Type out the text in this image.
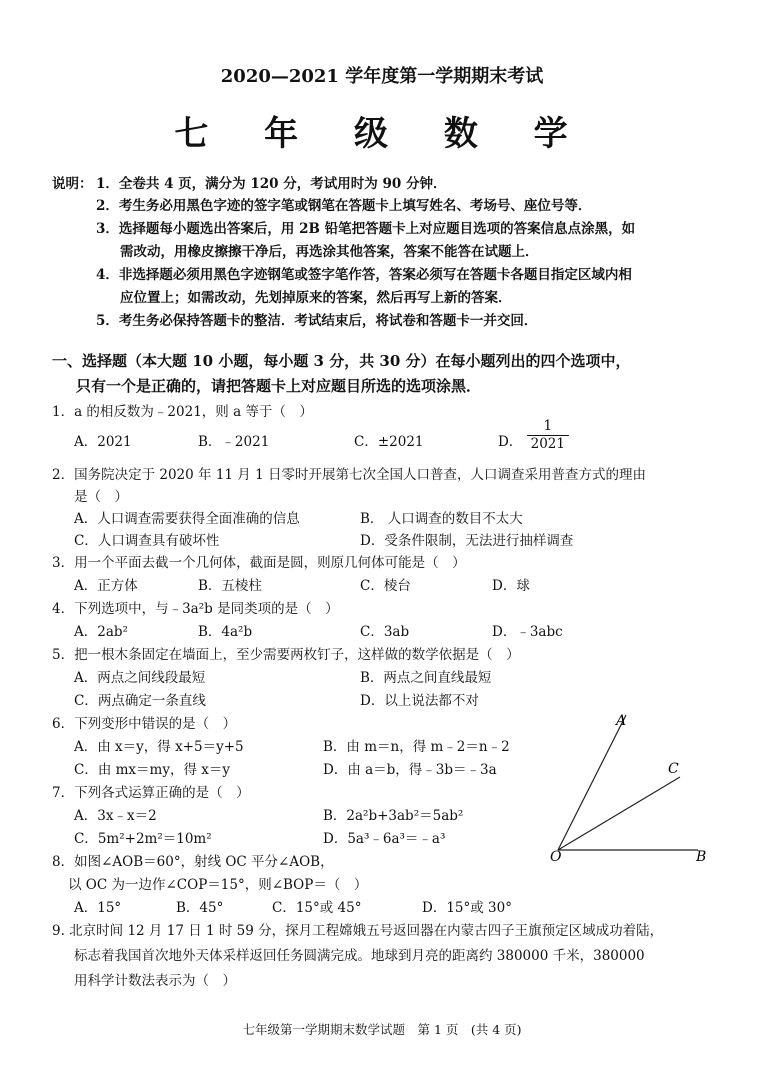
2020—2021 学年度第一学期期末考试
七 年 级 数 学
说明： 1．全卷共 4 页，满分为 120 分，考试用时为 90 分钟．
2．考生务必用黑色字迹的签字笔或钢笔在答题卡上填写姓名、考场号、座位号等．
3．选择题每小题选出答案后，用 2B 铅笔把答题卡上对应题目选项的答案信息点涂黑，如
需改动，用橡皮擦擦干净后，再选涂其他答案，答案不能答在试题上．
4．非选择题必须用黑色字迹钢笔或签字笔作答，答案必须写在答题卡各题目指定区域内相
应位置上；如需改动，先划掉原来的答案，然后再写上新的答案．
5．考生务必保持答题卡的整洁．考试结束后，将试卷和答题卡一并交回．
一、选择题（本大题 10 小题，每小题 3 分，共 30 分）在每小题列出的四个选项中，
只有一个是正确的，请把答题卡上对应题目所选的选项涂黑．
1．a 的相反数为﹣2021，则 a 等于（　）
A．2021	B．﹣2021	C．±2021	D． $\frac{1}{2021}$
2．国务院决定于 2020 年 11 月 1 日零时开展第七次全国人口普查，人口调查采用普查方式的理由
是（　）
A．人口调查需要获得全面准确的信息	B． 人口调查的数目不太大
C．人口调查具有破坏性	D．受条件限制，无法进行抽样调查
3．用一个平面去截一个几何体，截面是圆，则原几何体可能是（　）
A．正方体	B．五棱柱	C．棱台	D．球
4．下列选项中，与﹣3a²b 是同类项的是（　）
A．2ab²	B．4a²b	C．3ab	D．﹣3abc
5．把一根木条固定在墙面上，至少需要两枚钉子，这样做的数学依据是（　）
A．两点之间线段最短	B．两点之间直线最短
C．两点确定一条直线	D．以上说法都不对
6．下列变形中错误的是（　）
A．由 x＝y，得 x+5＝y+5	B．由 m＝n，得 m﹣2＝n﹣2
C．由 mx＝my，得 x＝y	D．由 a＝b，得﹣3b＝﹣3a
7．下列各式运算正确的是（　）
A．3x﹣x＝2	B．2a²b+3ab²＝5ab²
C．5m²+2m²＝10m²	D．5a³﹣6a³＝﹣a³
8．如图∠AOB＝60°，射线 OC 平分∠AOB，
以 OC 为一边作∠COP＝15°，则∠BOP＝（　）
A．15°	B．45°	C．15°或 45°	D．15°或 30°
9. 北京时间 12 月 17 日 1 时 59 分，探月工程嫦娥五号返回器在内蒙古四子王旗预定区域成功着陆，
标志着我国首次地外天体采样返回任务圆满完成。地球到月亮的距离约 380000 千米，380000
用科学计数法表示为（　）
A
C
O	B
七年级第一学期期末数学试题　第 1 页　(共 4 页)
